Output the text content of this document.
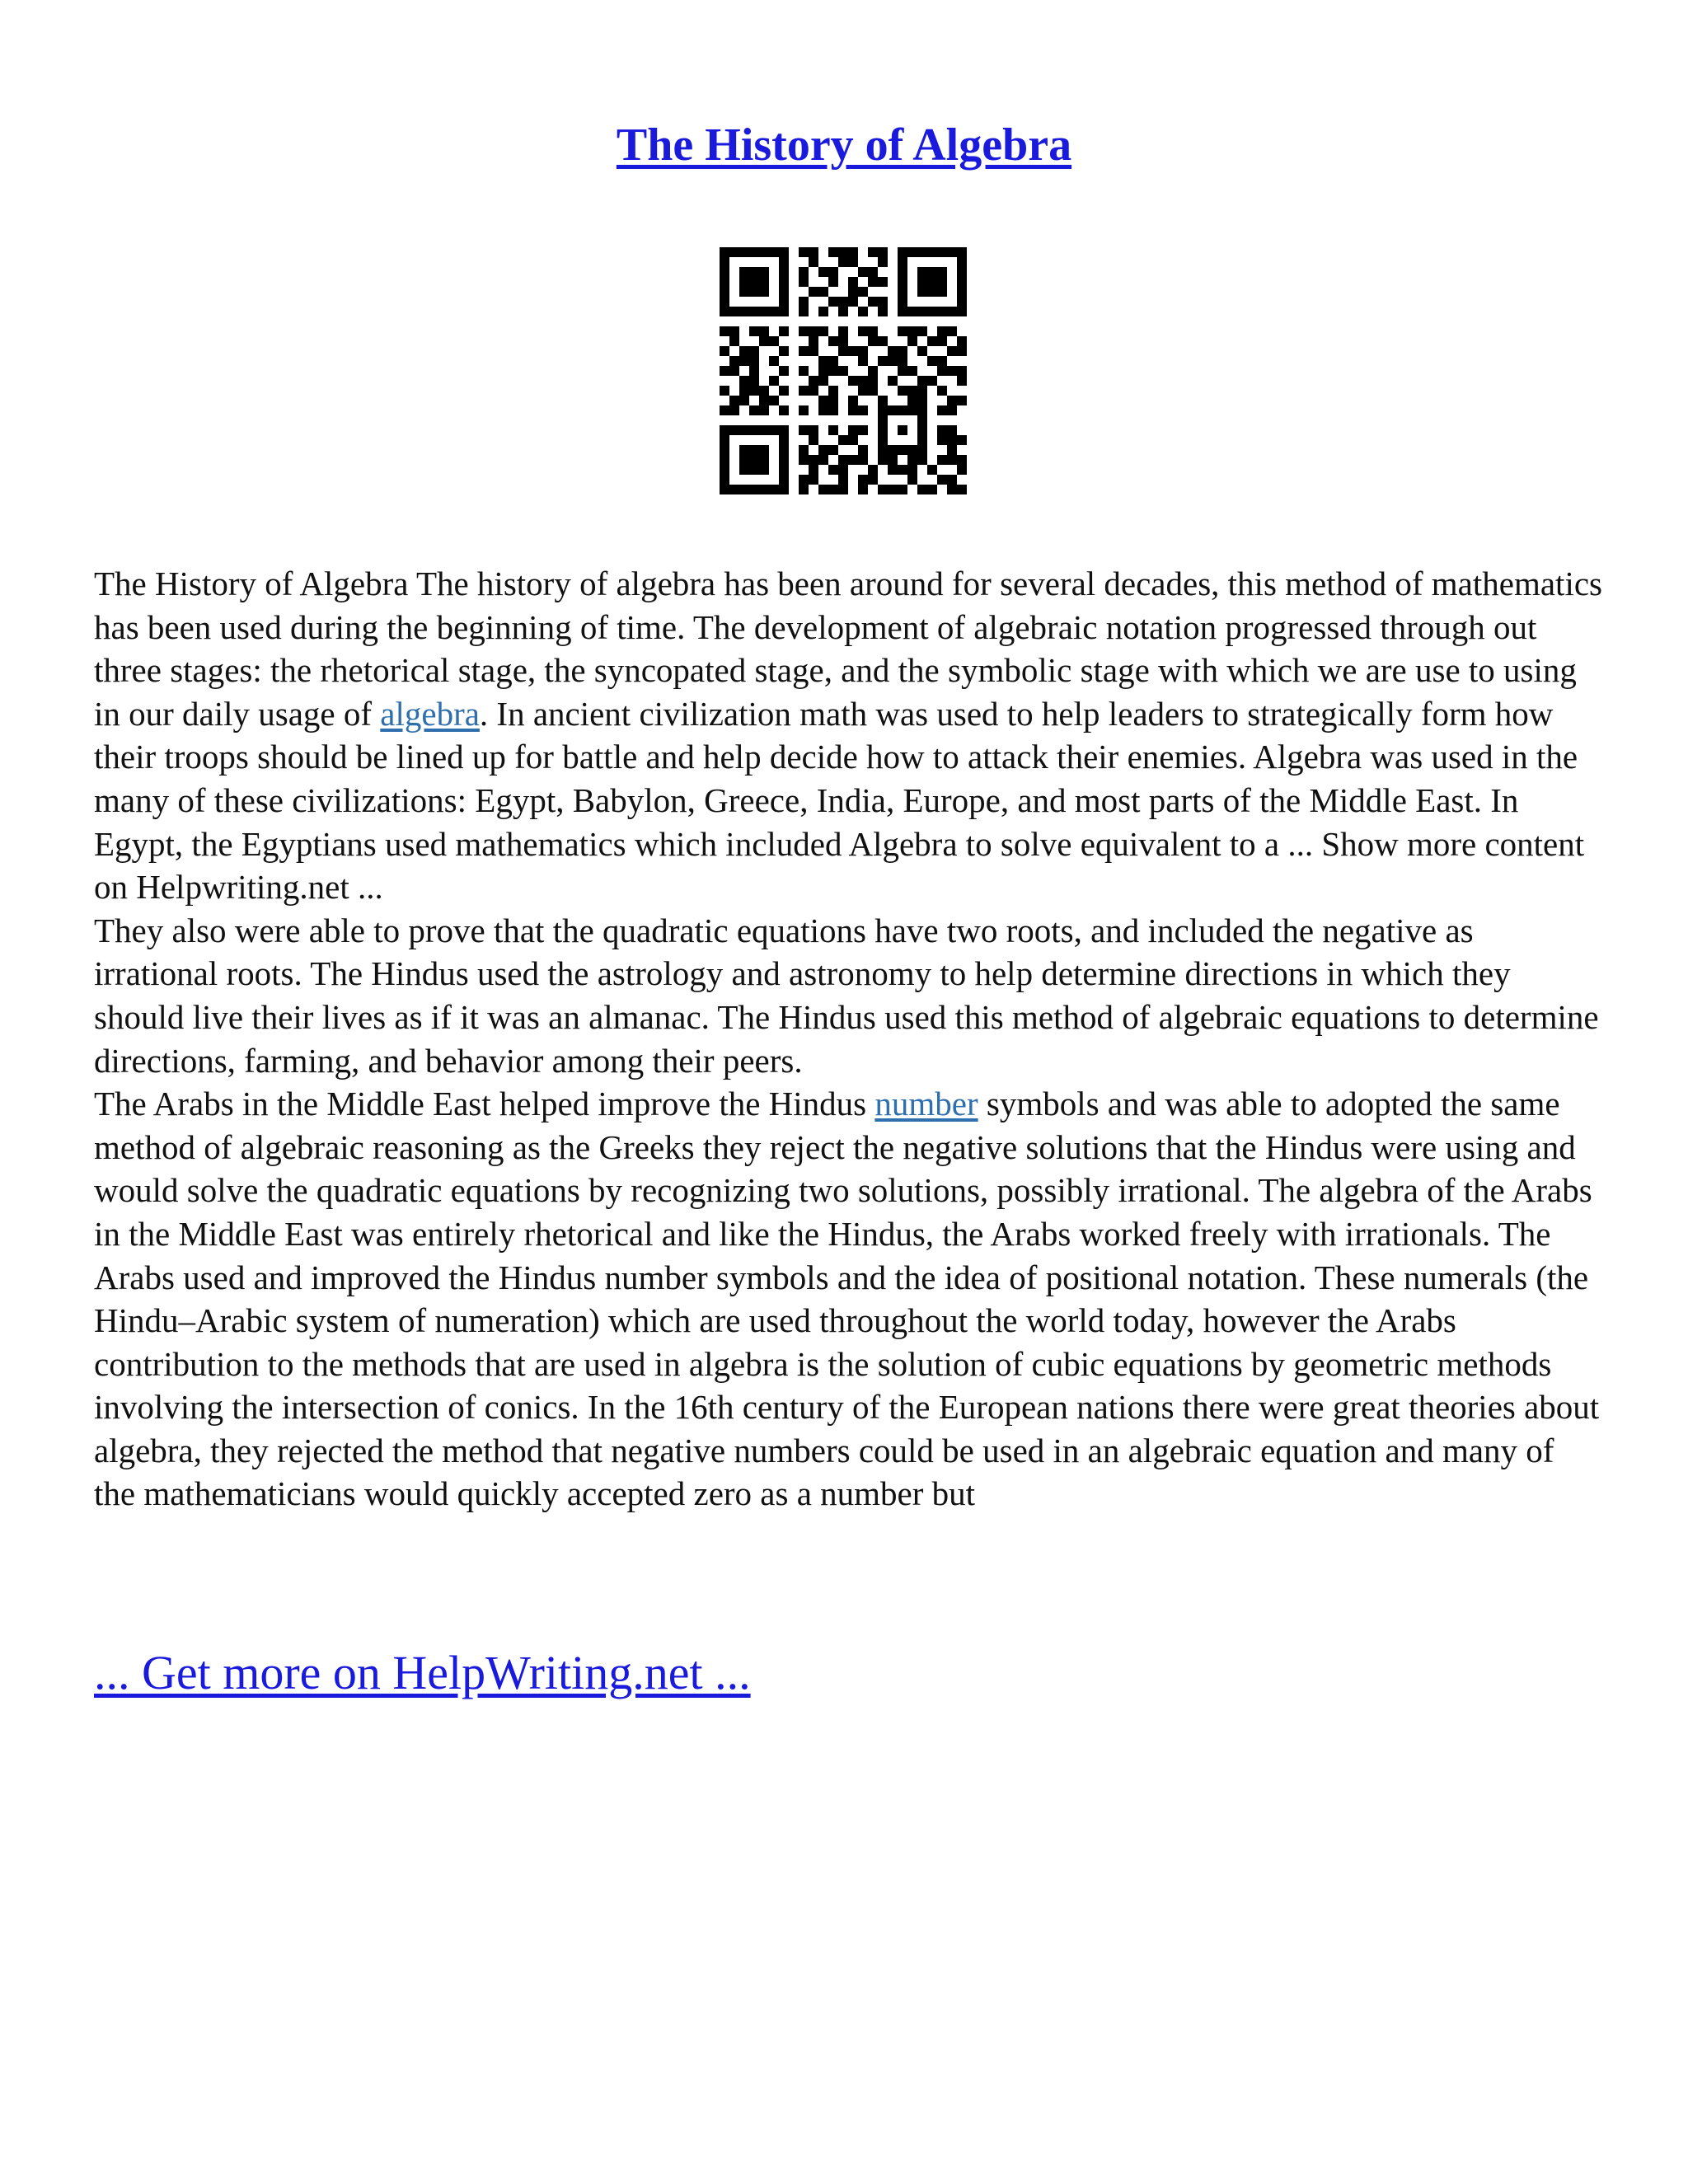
The History of Algebra

The History of Algebra The history of algebra has been around for several decades, this method of mathematics has been used during the beginning of time. The development of algebraic notation progressed through out three stages: the rhetorical stage, the syncopated stage, and the symbolic stage with which we are use to using in our daily usage of algebra. In ancient civilization math was used to help leaders to strategically form how their troops should be lined up for battle and help decide how to attack their enemies. Algebra was used in the many of these civilizations: Egypt, Babylon, Greece, India, Europe, and most parts of the Middle East. In Egypt, the Egyptians used mathematics which included Algebra to solve equivalent to a ... Show more content on Helpwriting.net ...

They also were able to prove that the quadratic equations have two roots, and included the negative as irrational roots. The Hindus used the astrology and astronomy to help determine directions in which they should live their lives as if it was an almanac. The Hindus used this method of algebraic equations to determine directions, farming, and behavior among their peers.

The Arabs in the Middle East helped improve the Hindus number symbols and was able to adopted the same method of algebraic reasoning as the Greeks they reject the negative solutions that the Hindus were using and would solve the quadratic equations by recognizing two solutions, possibly irrational. The algebra of the Arabs in the Middle East was entirely rhetorical and like the Hindus, the Arabs worked freely with irrationals. The Arabs used and improved the Hindus number symbols and the idea of positional notation. These numerals (the Hindu–Arabic system of numeration) which are used throughout the world today, however the Arabs contribution to the methods that are used in algebra is the solution of cubic equations by geometric methods involving the intersection of conics. In the 16th century of the European nations there were great theories about algebra, they rejected the method that negative numbers could be used in an algebraic equation and many of the mathematicians would quickly accepted zero as a number but

... Get more on HelpWriting.net ...
